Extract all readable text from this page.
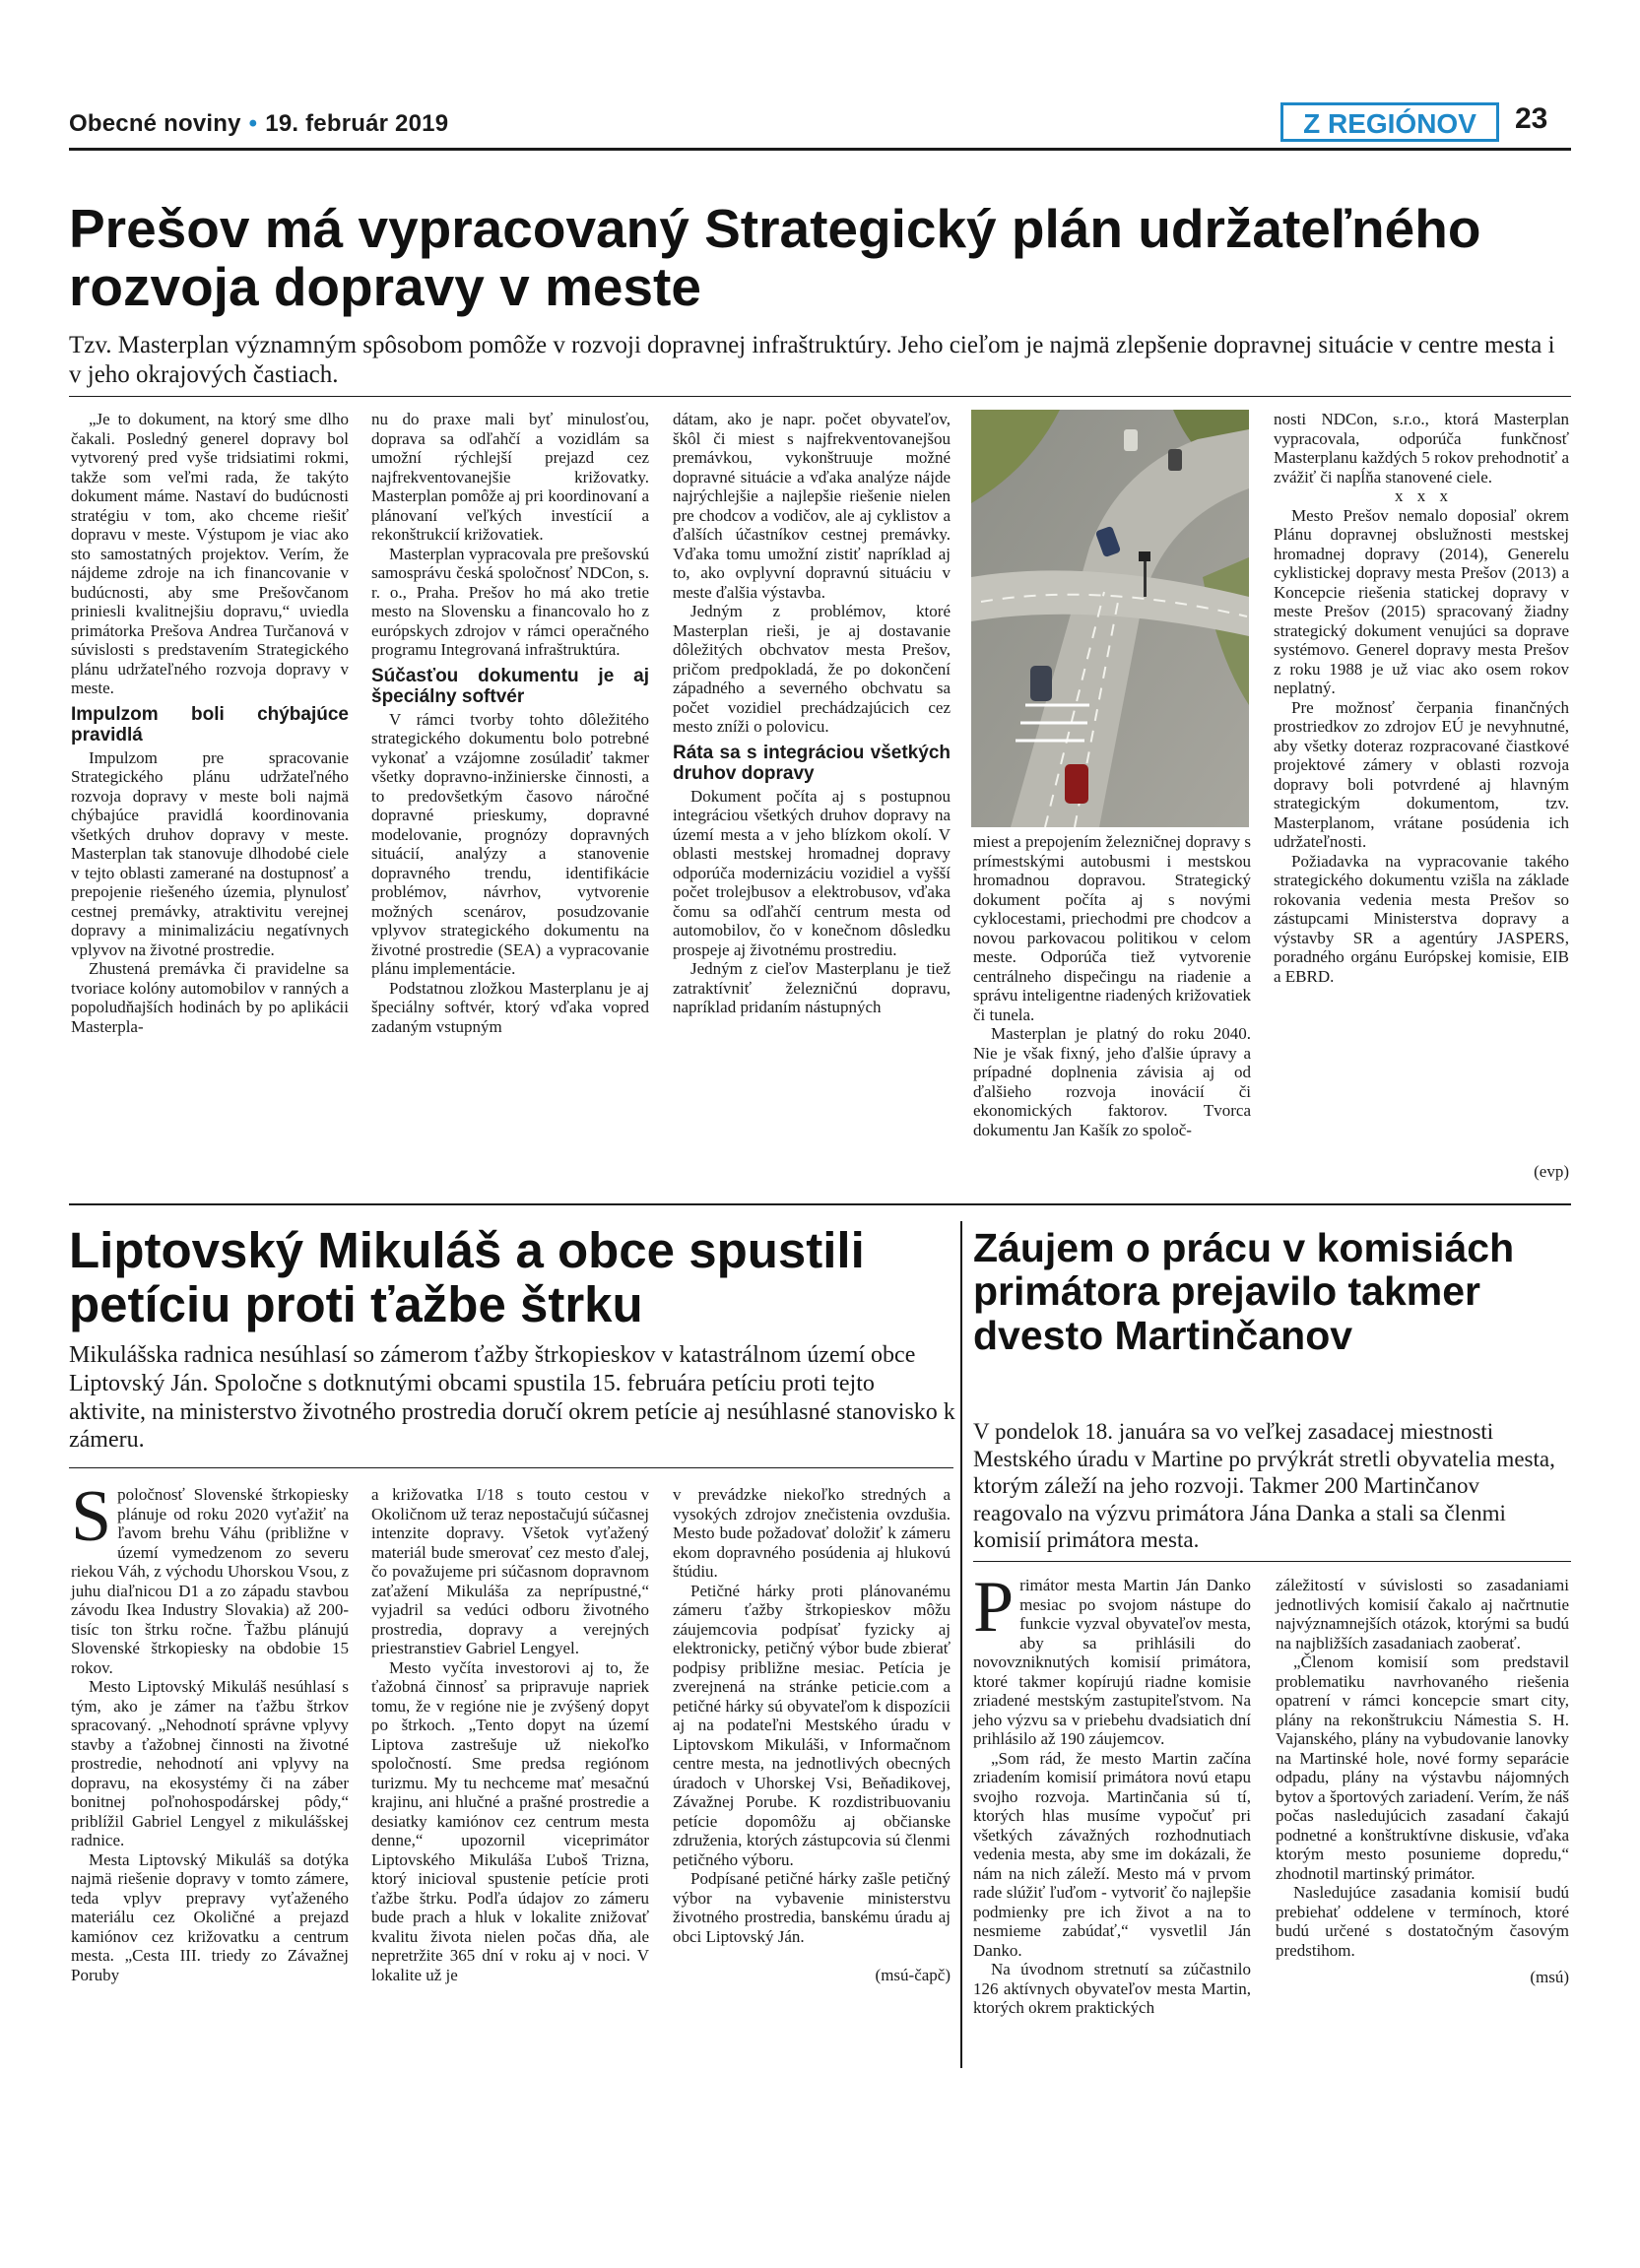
Obecné noviny • 19. február 2019	Z REGIÓNOV	23
Prešov má vypracovaný Strategický plán udržateľného rozvoja dopravy v meste
Tzv. Masterplan významným spôsobom pomôže v rozvoji dopravnej infraštruktúry. Jeho cieľom je najmä zlepšenie dopravnej situácie v centre mesta i v jeho okrajových častiach.

„Je to dokument, na ktorý sme dlho čakali. Posledný generel dopravy bol vytvorený pred vyše tridsiatimi rokmi, takže som veľmi rada, že takýto dokument máme. Nastaví do budúcnosti stratégiu v tom, ako chceme riešiť dopravu v meste. Výstupom je viac ako sto samostatných projektov. Verím, že nájdeme zdroje na ich financovanie v budúcnosti, aby sme Prešovčanom priniesli kvalitnejšiu dopravu,“ uviedla primátorka Prešova Andrea Turčanová v súvislosti s predstavením Strategického plánu udržateľného rozvoja dopravy v meste.

Impulzom boli chýbajúce pravidlá

Impulzom pre spracovanie Strategického plánu udržateľného rozvoja dopravy v meste boli najmä chýbajúce pravidlá koordinovania všetkých druhov dopravy v meste. Masterplan tak stanovuje dlhodobé ciele v tejto oblasti zamerané na dostupnosť a prepojenie riešeného územia, plynulosť cestnej premávky, atraktivitu verejnej dopravy a minimalizáciu negatívnych vplyvov na životné prostredie.

Zhustená premávka či pravidelne sa tvoriace kolóny automobilov v ranných a popoludňajších hodinách by po aplikácii Masterpla-

nu do praxe mali byť minulosťou, doprava sa odľahčí a vozidlám sa umožní rýchlejší prejazd cez najfrekventovanejšie križovatky. Masterplan pomôže aj pri koordinovaní a plánovaní veľkých investícií a rekonštrukcií križovatiek.

Masterplan vypracovala pre prešovskú samosprávu česká spoločnosť NDCon, s. r. o., Praha. Prešov ho má ako tretie mesto na Slovensku a financovalo ho z európskych zdrojov v rámci operačného programu Integrovaná infraštruktúra.

Súčasťou dokumentu je aj špeciálny softvér

V rámci tvorby tohto dôležitého strategického dokumentu bolo potrebné vykonať a vzájomne zosúladiť takmer všetky dopravno-inžinierske činnosti, a to predovšetkým časovo náročné dopravné prieskumy, dopravné modelovanie, prognózy dopravných situácií, analýzy a stanovenie dopravného trendu, identifikácie problémov, návrhov, vytvorenie možných scenárov, posudzovanie vplyvov strategického dokumentu na životné prostredie (SEA) a vypracovanie plánu implementácie.

Podstatnou zložkou Masterplanu je aj špeciálny softvér, ktorý vďaka vopred zadaným vstupným

dátam, ako je napr. počet obyvateľov, škôl či miest s najfrekventovanejšou premávkou, vykonštruuje možné dopravné situácie a vďaka analýze nájde najrýchlejšie a najlepšie riešenie nielen pre chodcov a vodičov, ale aj cyklistov a ďalších účastníkov cestnej premávky. Vďaka tomu umožní zistiť napríklad aj to, ako ovplyvní dopravnú situáciu v meste ďalšia výstavba.

Jedným z problémov, ktoré Masterplan rieši, je aj dostavanie dôležitých obchvatov mesta Prešov, pričom predpokladá, že po dokončení západného a severného obchvatu sa počet vozidiel prechádzajúcich cez mesto zníži o polovicu.

Ráta sa s integráciou všetkých druhov dopravy

Dokument počíta aj s postupnou integráciou všetkých druhov dopravy na území mesta a v jeho blízkom okolí. V oblasti mestskej hromadnej dopravy odporúča modernizáciu vozidiel a vyšší počet trolejbusov a elektrobusov, vďaka čomu sa odľahčí centrum mesta od automobilov, čo v konečnom dôsledku prospeje aj životnému prostrediu.

Jedným z cieľov Masterplanu je tiež zatraktívniť železničnú dopravu, napríklad pridaním nástupných

miest a prepojením železničnej dopravy s prímestskými autobusmi i mestskou hromadnou dopravou. Strategický dokument počíta aj s novými cyklocestami, priechodmi pre chodcov a novou parkovacou politikou v celom meste. Odporúča tiež vytvorenie centrálneho dispečingu na riadenie a správu inteligentne riadených križovatiek či tunela.

Masterplan je platný do roku 2040. Nie je však fixný, jeho ďalšie úpravy a prípadné doplnenia závisia aj od ďalšieho rozvoja inovácií či ekonomických faktorov. Tvorca dokumentu Jan Kašík zo spoloč-

nosti NDCon, s.r.o., ktorá Masterplan vypracovala, odporúča funkčnosť Masterplanu každých 5 rokov prehodnotiť a zvážiť či napĺňa stanovené ciele.

x x x

Mesto Prešov nemalo doposiaľ okrem Plánu dopravnej obslužnosti mestskej hromadnej dopravy (2014), Generelu cyklistickej dopravy mesta Prešov (2013) a Koncepcie riešenia statickej dopravy v meste Prešov (2015) spracovaný žiadny strategický dokument venujúci sa doprave systémovo. Generel dopravy mesta Prešov z roku 1988 je už viac ako osem rokov neplatný.

Pre možnosť čerpania finančných prostriedkov zo zdrojov EÚ je nevyhnutné, aby všetky doteraz rozpracované čiastkové projektové zámery v oblasti rozvoja dopravy boli potvrdené aj hlavným strategickým dokumentom, tzv. Masterplanom, vrátane posúdenia ich udržateľnosti.

Požiadavka na vypracovanie takého strategického dokumentu vzišla na základe rokovania vedenia mesta Prešov so zástupcami Ministerstva dopravy a výstavby SR a agentúry JASPERS, poradného orgánu Európskej komisie, EIB a EBRD.

(evp)
Liptovský Mikuláš a obce spustili petíciu proti ťažbe štrku
Mikulášska radnica nesúhlasí so zámerom ťažby štrkopieskov v katastrálnom území obce Liptovský Ján. Spoločne s dotknutými obcami spustila 15. februára petíciu proti tejto aktivite, na ministerstvo životného prostredia doručí okrem petície aj nesúhlasné stanovisko k zámeru.
S poločnosť Slovenské štrkopiesky plánuje od roku 2020 vyťažiť na ľavom brehu Váhu (približne v území vymedzenom zo severu riekou Váh, z východu Uhorskou Vsou, z juhu diaľnicou D1 a zo západu stavbou závodu Ikea Industry Slovakia) až 200-tisíc ton štrku ročne. Ťažbu plánujú Slovenské štrkopiesky na obdobie 15 rokov.

Mesto Liptovský Mikuláš nesúhlasí s tým, ako je zámer na ťažbu štrkov spracovaný. „Nehodnotí správne vplyvy stavby a ťažobnej činnosti na životné prostredie, nehodnotí ani vplyvy na dopravu, na ekosystémy či na záber bonitnej poľnohospodárskej pôdy,“ priblížil Gabriel Lengyel z mikulášskej radnice.

Mesta Liptovský Mikuláš sa dotýka najmä riešenie dopravy v tomto zámere, teda vplyv prepravy vyťaženého materiálu cez Okoličné a prejazd kamiónov cez križovatku a centrum mesta. „Cesta III. triedy zo Závažnej Poruby

a križovatka I/18 s touto cestou v Okoličnom už teraz nepostačujú súčasnej intenzite dopravy. Všetok vyťažený materiál bude smerovať cez mesto ďalej, čo považujeme pri súčasnom dopravnom zaťažení Mikuláša za neprípustné,“ vyjadril sa vedúci odboru životného prostredia, dopravy a verejných priestranstiev Gabriel Lengyel.

Mesto vyčíta investorovi aj to, že ťažobná činnosť sa pripravuje napriek tomu, že v regióne nie je zvýšený dopyt po štrkoch. „Tento dopyt na území Liptova zastrešuje už niekoľko spoločností. Sme predsa regiónom turizmu. My tu nechceme mať mesačnú krajinu, ani hlučné a prašné prostredie a desiatky kamiónov cez centrum mesta denne,“ upozornil viceprimátor Liptovského Mikuláša Ľuboš Trizna, ktorý inicioval spustenie petície proti ťažbe štrku. Podľa údajov zo zámeru bude prach a hluk v lokalite znižovať kvalitu života nielen počas dňa, ale nepretržite 365 dní v roku aj v noci. V lokalite už je

v prevádzke niekoľko stredných a vysokých zdrojov znečistenia ovzdušia. Mesto bude požadovať doložiť k zámeru ekom dopravného posúdenia aj hlukovú štúdiu.

Petičné hárky proti plánovanému zámeru ťažby štrkopieskov môžu záujemcovia podpísať fyzicky aj elektronicky, petičný výbor bude zbierať podpisy približne mesiac. Petícia je zverejnená na stránke peticie.com a petičné hárky sú obyvateľom k dispozícii aj na podateľni Mestského úradu v Liptovskom Mikuláši, v Informačnom centre mesta, na jednotlivých obecných úradoch v Uhorskej Vsi, Beňadikovej, Závažnej Porube. K rozdistribuovaniu petície dopomôžu aj občianske združenia, ktorých zástupcovia sú členmi petičného výboru.

Podpísané petičné hárky zašle petičný výbor na vybavenie ministerstvu životného prostredia, banskému úradu aj obci Liptovský Ján.

(msú-čapč)
Záujem o prácu v komisiách primátora prejavilo takmer dvesto Martinčanov
V pondelok 18. januára sa vo veľkej zasadacej miestnosti Mestského úradu v Martine po prvýkrát stretli obyvatelia mesta, ktorým záleží na jeho rozvoji. Takmer 200 Martinčanov reagovalo na výzvu primátora Jána Danka a stali sa členmi komisií primátora mesta.
P rimátor mesta Martin Ján Danko mesiac po svojom nástupe do funkcie vyzval obyvateľov mesta, aby sa prihlásili do novovzniknutých komisií primátora, ktoré takmer kopírujú riadne komisie zriadené mestským zastupiteľstvom. Na jeho výzvu sa v priebehu dvadsiatich dní prihlásilo až 190 záujemcov.

„Som rád, že mesto Martin začína zriadením komisií primátora novú etapu svojho rozvoja. Martinčania sú tí, ktorých hlas musíme vypočuť pri všetkých závažných rozhodnutiach vedenia mesta, aby sme im dokázali, že nám na nich záleží. Mesto má v prvom rade slúžiť ľuďom - vytvoriť čo najlepšie podmienky pre ich život a na to nesmieme zabúdať,“ vysvetlil Ján Danko.

Na úvodnom stretnutí sa zúčastnilo 126 aktívnych obyvateľov mesta Martin, ktorých okrem praktických

záležitostí v súvislosti so zasadaniami jednotlivých komisií čakalo aj načrtnutie najvýznamnejších otázok, ktorými sa budú na najbližších zasadaniach zaoberať.

„Členom komisií som predstavil problematiku navrhovaného riešenia opatrení v rámci koncepcie smart city, plány na rekonštrukciu Námestia S. H. Vajanského, plány na vybudovanie lanovky na Martinské hole, nové formy separácie odpadu, plány na výstavbu nájomných bytov a športových zariadení. Verím, že náš počas nasledujúcich zasadaní čakajú podnetné a konštruktívne diskusie, vďaka ktorým mesto posunieme dopredu,“ zhodnotil martinský primátor.

Nasledujúce zasadania komisií budú prebiehať oddelene v termínoch, ktoré budú určené s dostatočným časovým predstihom.

(msú)
